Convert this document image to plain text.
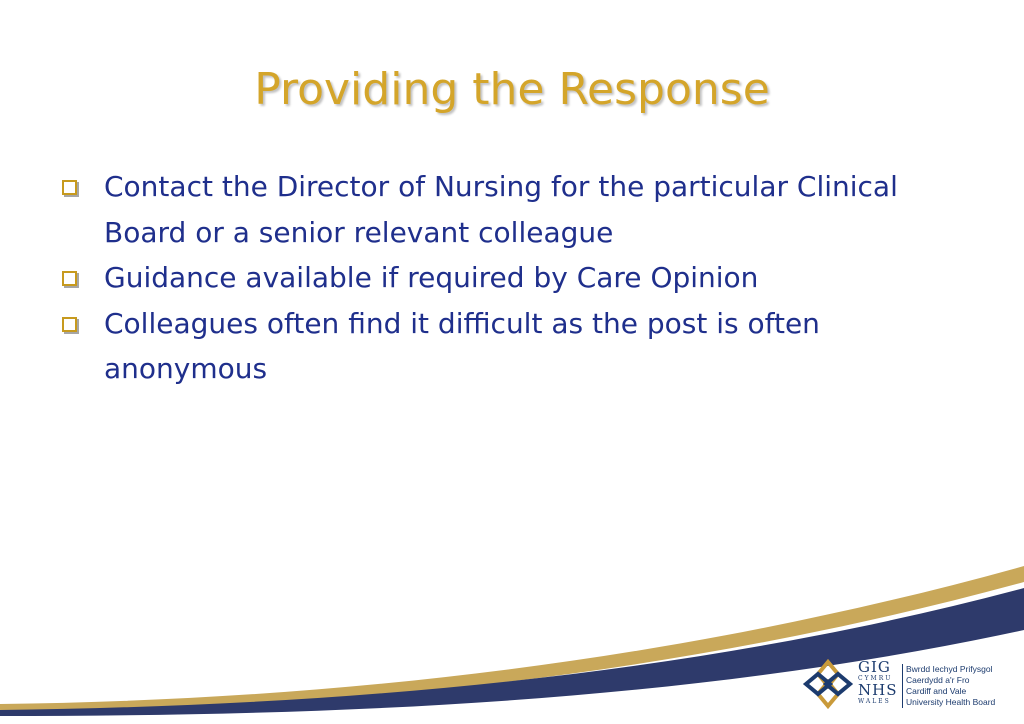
Providing the Response
Contact the Director of Nursing for the particular Clinical Board or a senior relevant colleague
Guidance available if required by Care Opinion
Colleagues often find it difficult as the post is often anonymous
GIG
CYMRU
NHS
WALES
Bwrdd Iechyd Prifysgol
Caerdydd a'r Fro
Cardiff and Vale
University Health Board
